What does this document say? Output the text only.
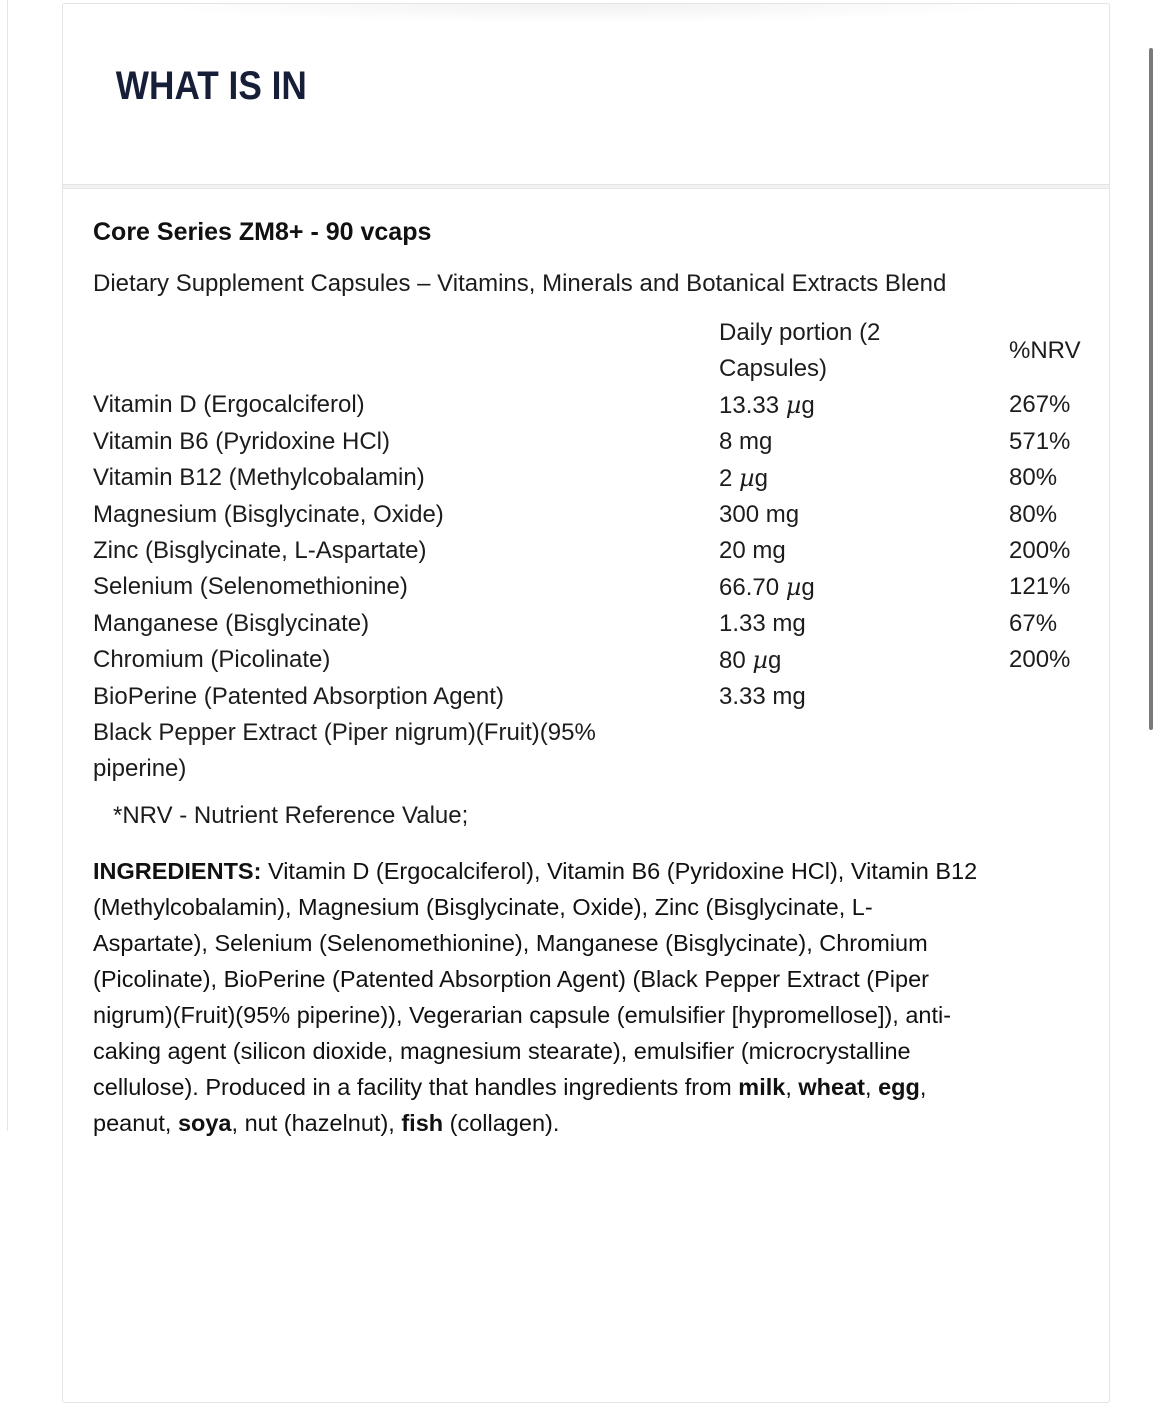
WHAT IS IN
Core Series ZM8+ - 90 vcaps
Dietary Supplement Capsules – Vitamins, Minerals and Botanical Extracts Blend
Daily portion (2 Capsules)
%NRV
Vitamin D (Ergocalciferol)	13.33 µg	267%
Vitamin B6 (Pyridoxine HCl)	8 mg	571%
Vitamin B12 (Methylcobalamin)	2 µg	80%
Magnesium (Bisglycinate, Oxide)	300 mg	80%
Zinc (Bisglycinate, L-Aspartate)	20 mg	200%
Selenium (Selenomethionine)	66.70 µg	121%
Manganese (Bisglycinate)	1.33 mg	67%
Chromium (Picolinate)	80 µg	200%
BioPerine (Patented Absorption Agent)	3.33 mg
Black Pepper Extract (Piper nigrum)(Fruit)(95%
piperine)
*NRV - Nutrient Reference Value;
INGREDIENTS: Vitamin D (Ergocalciferol), Vitamin B6 (Pyridoxine HCl), Vitamin B12
(Methylcobalamin), Magnesium (Bisglycinate, Oxide), Zinc (Bisglycinate, L-
Aspartate), Selenium (Selenomethionine), Manganese (Bisglycinate), Chromium
(Picolinate), BioPerine (Patented Absorption Agent) (Black Pepper Extract (Piper
nigrum)(Fruit)(95% piperine)), Vegerarian capsule (emulsifier [hypromellose]), anti-
caking agent (silicon dioxide, magnesium stearate), emulsifier (microcrystalline
cellulose). Produced in a facility that handles ingredients from milk, wheat, egg,
peanut, soya, nut (hazelnut), fish (collagen).
